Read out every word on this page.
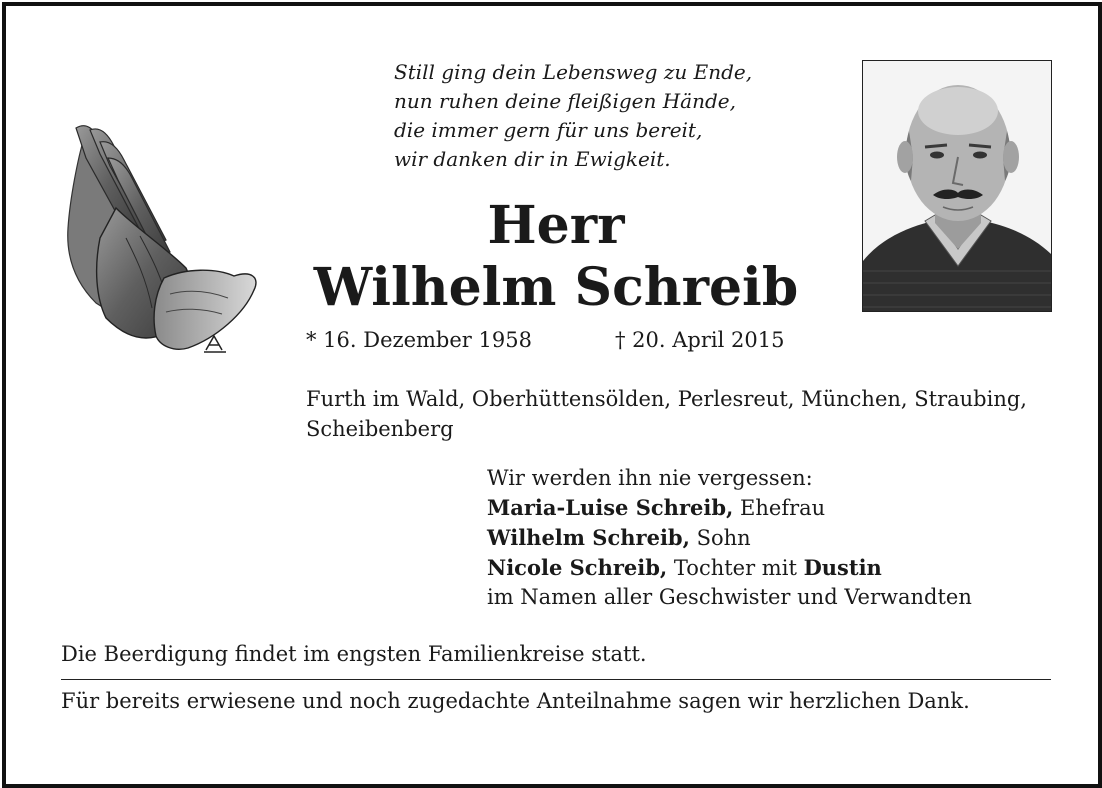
Still ging dein Lebensweg zu Ende,
nun ruhen deine fleißigen Hände,
die immer gern für uns bereit,
wir danken dir in Ewigkeit.
Herr
Wilhelm Schreib
* 16. Dezember 1958	† 20. April 2015
Furth im Wald, Oberhüttensölden, Perlesreut, München, Straubing, Scheibenberg
Wir werden ihn nie vergessen:
Maria-Luise Schreib, Ehefrau
Wilhelm Schreib, Sohn
Nicole Schreib, Tochter mit Dustin
im Namen aller Geschwister und Verwandten
Die Beerdigung findet im engsten Familienkreise statt.
Für bereits erwiesene und noch zugedachte Anteilnahme sagen wir herzlichen Dank.
